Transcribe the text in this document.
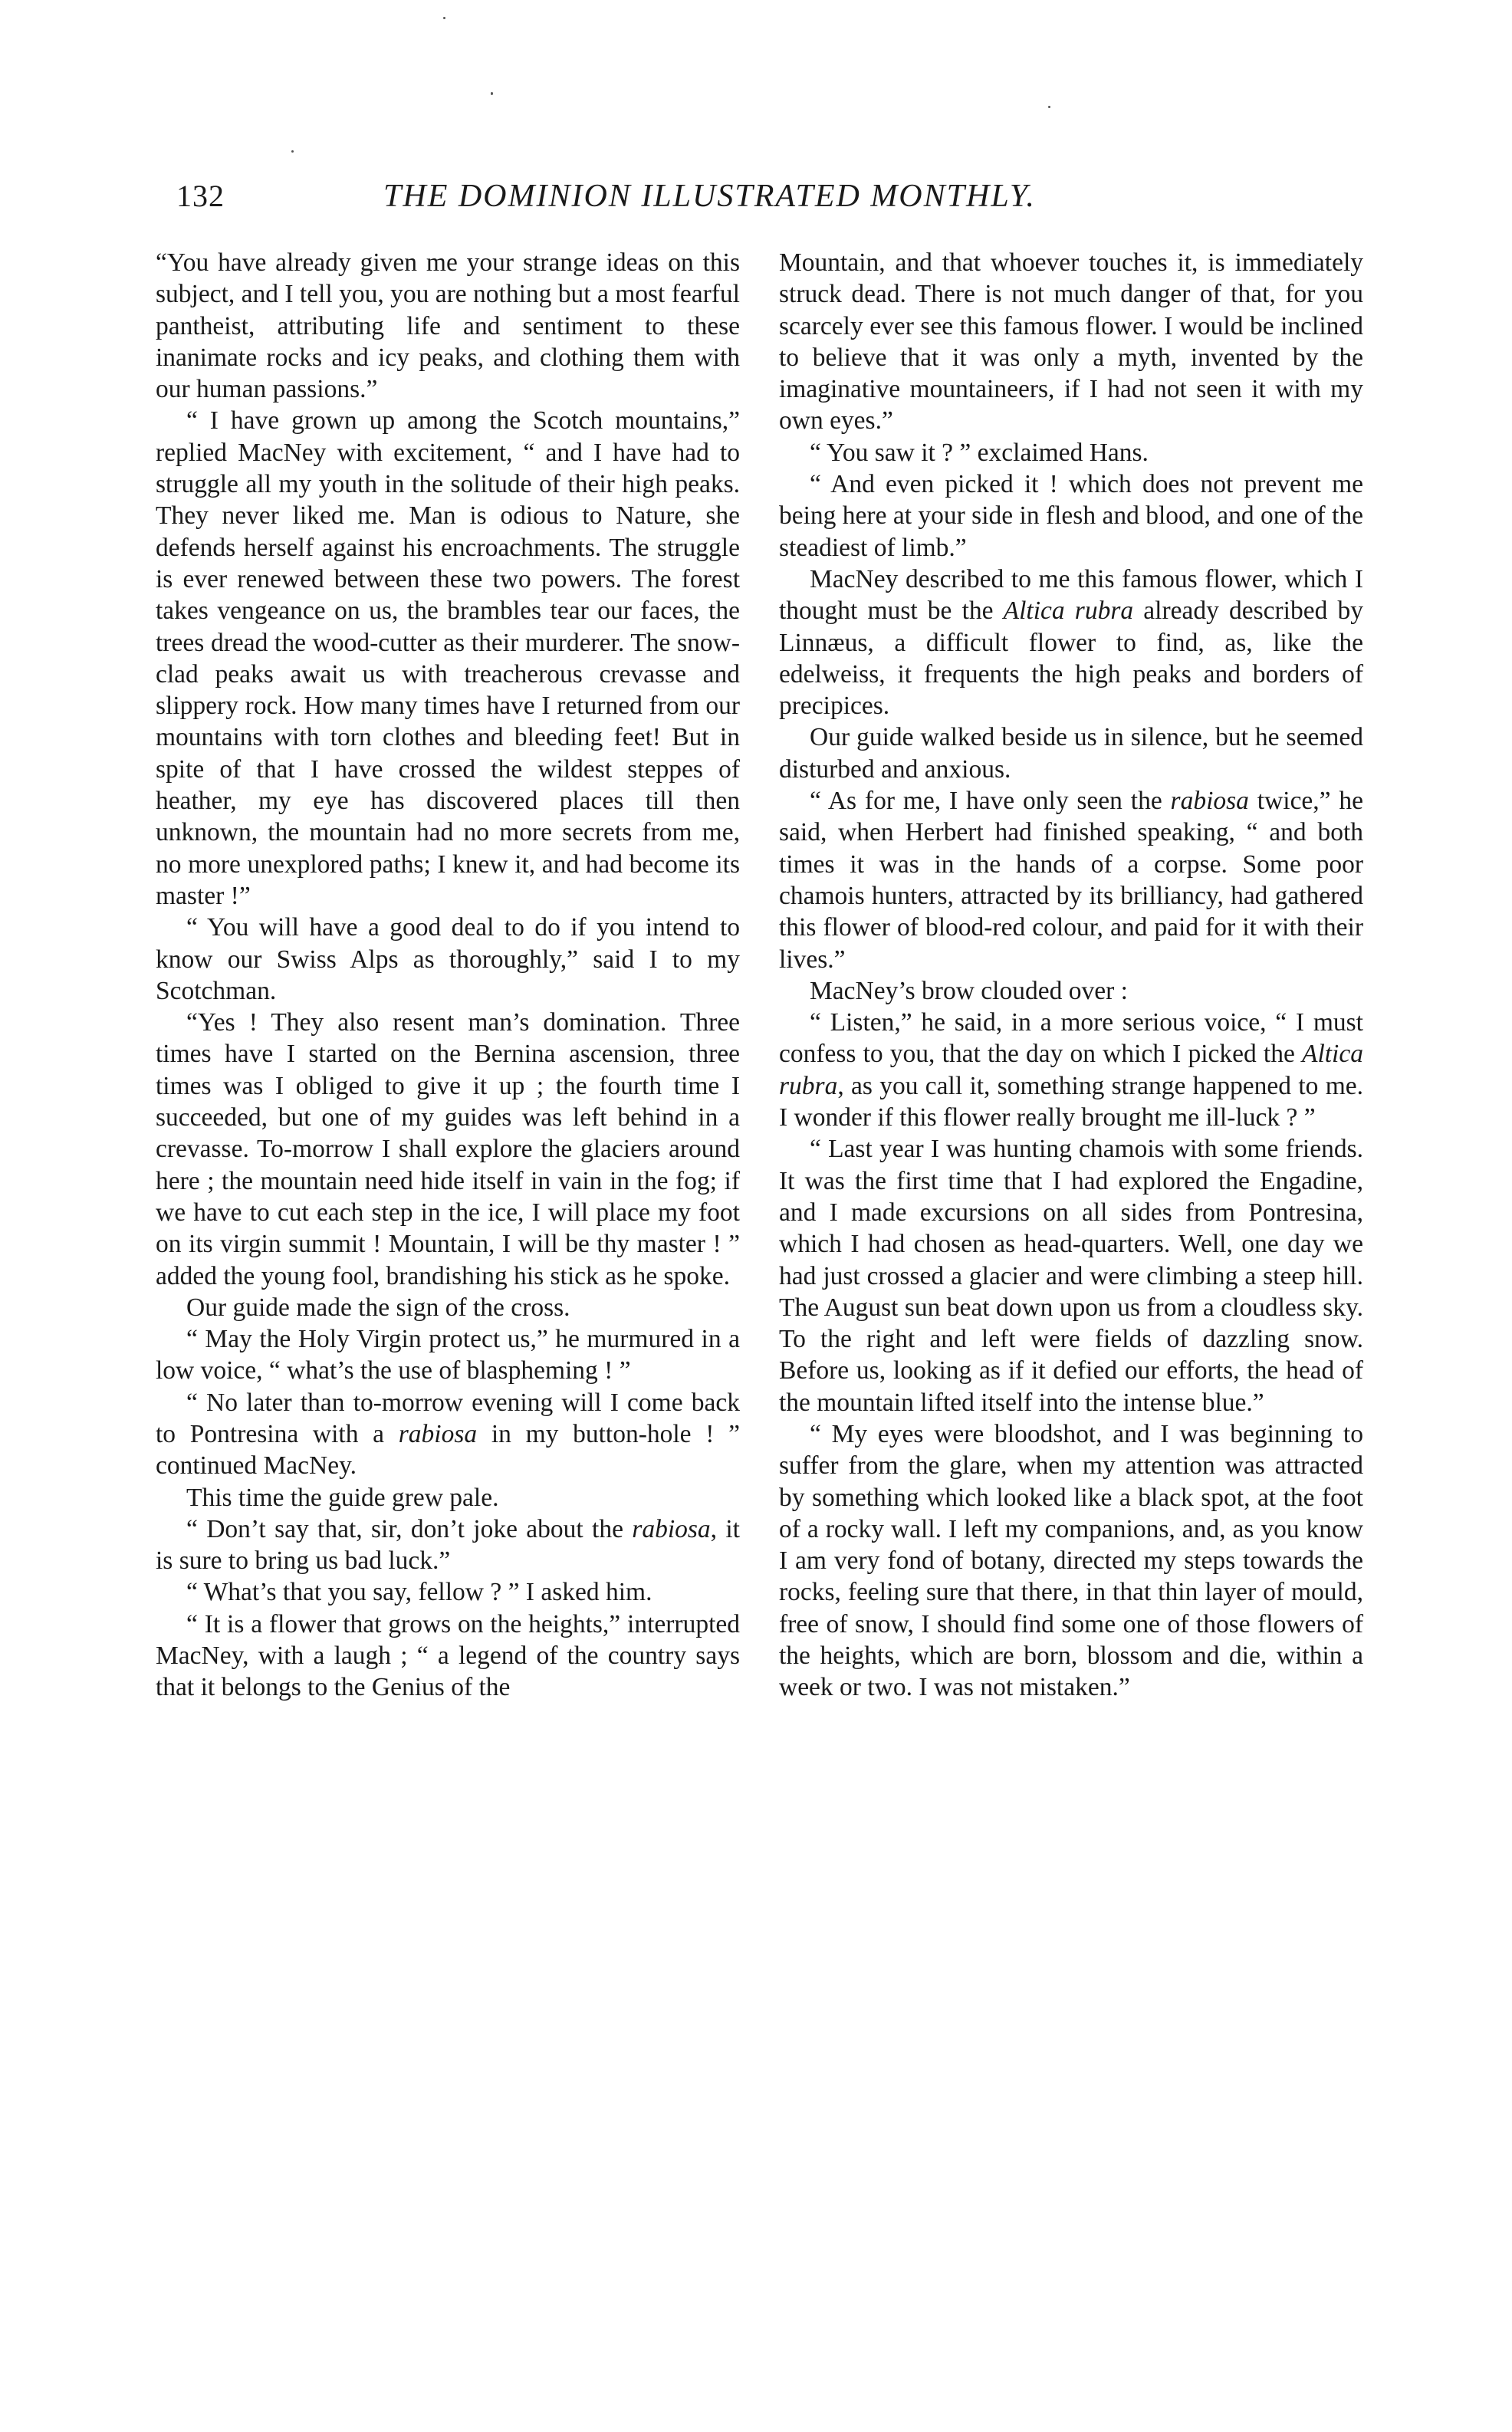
132	THE DOMINION ILLUSTRATED MONTHLY.

“You have already given me your strange ideas on this subject, and I tell you, you are nothing but a most fearful pantheist, attributing life and sentiment to these inanimate rocks and icy peaks, and clothing them with our human passions.”

“ I have grown up among the Scotch mountains,” replied MacNey with excitement, “ and I have had to struggle all my youth in the solitude of their high peaks. They never liked me. Man is odious to Nature, she defends herself against his encroachments. The struggle is ever renewed between these two powers. The forest takes vengeance on us, the brambles tear our faces, the trees dread the wood-cutter as their murderer. The snow-clad peaks await us with treacherous crevasse and slippery rock. How many times have I returned from our mountains with torn clothes and bleeding feet! But in spite of that I have crossed the wildest steppes of heather, my eye has discovered places till then unknown, the mountain had no more secrets from me, no more unexplored paths; I knew it, and had become its master !”

“ You will have a good deal to do if you intend to know our Swiss Alps as thoroughly,” said I to my Scotchman.

“Yes ! They also resent man’s domination. Three times have I started on the Bernina ascension, three times was I obliged to give it up ; the fourth time I succeeded, but one of my guides was left behind in a crevasse. To-morrow I shall explore the glaciers around here ; the mountain need hide itself in vain in the fog; if we have to cut each step in the ice, I will place my foot on its virgin summit ! Mountain, I will be thy master ! ” added the young fool, brandishing his stick as he spoke.

Our guide made the sign of the cross.

“ May the Holy Virgin protect us,” he murmured in a low voice, “ what’s the use of blaspheming ! ”

“ No later than to-morrow evening will I come back to Pontresina with a rabiosa in my button-hole ! ” continued MacNey.

This time the guide grew pale.

“ Don’t say that, sir, don’t joke about the rabiosa, it is sure to bring us bad luck.”

“ What’s that you say, fellow ? ” I asked him.

“ It is a flower that grows on the heights,” interrupted MacNey, with a laugh ; “ a legend of the country says that it belongs to the Genius of the

Mountain, and that whoever touches it, is immediately struck dead. There is not much danger of that, for you scarcely ever see this famous flower. I would be inclined to believe that it was only a myth, invented by the imaginative mountaineers, if I had not seen it with my own eyes.”

“ You saw it ? ” exclaimed Hans.

“ And even picked it ! which does not prevent me being here at your side in flesh and blood, and one of the steadiest of limb.”

MacNey described to me this famous flower, which I thought must be the Altica rubra already described by Linnæus, a difficult flower to find, as, like the edelweiss, it frequents the high peaks and borders of precipices.

Our guide walked beside us in silence, but he seemed disturbed and anxious.

“ As for me, I have only seen the rabiosa twice,” he said, when Herbert had finished speaking, “ and both times it was in the hands of a corpse. Some poor chamois hunters, attracted by its brilliancy, had gathered this flower of blood-red colour, and paid for it with their lives.”

MacNey’s brow clouded over :

“ Listen,” he said, in a more serious voice, “ I must confess to you, that the day on which I picked the Altica rubra, as you call it, something strange happened to me. I wonder if this flower really brought me ill-luck ? ”

“ Last year I was hunting chamois with some friends. It was the first time that I had explored the Engadine, and I made excursions on all sides from Pontresina, which I had chosen as head-quarters. Well, one day we had just crossed a glacier and were climbing a steep hill. The August sun beat down upon us from a cloudless sky. To the right and left were fields of dazzling snow. Before us, looking as if it defied our efforts, the head of the mountain lifted itself into the intense blue.”

“ My eyes were bloodshot, and I was beginning to suffer from the glare, when my attention was attracted by something which looked like a black spot, at the foot of a rocky wall. I left my companions, and, as you know I am very fond of botany, directed my steps towards the rocks, feeling sure that there, in that thin layer of mould, free of snow, I should find some one of those flowers of the heights, which are born, blossom and die, within a week or two. I was not mistaken.”
